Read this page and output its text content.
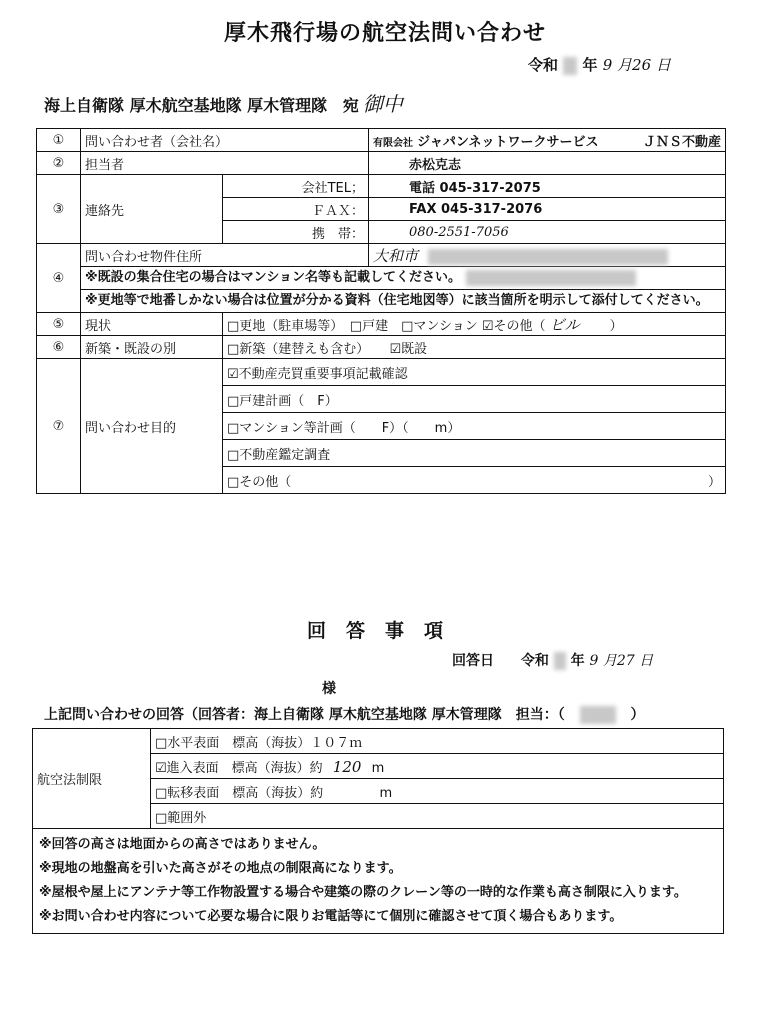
厚木飛行場の航空法問い合わせ
令和 年 9 月26 日
海上自衛隊 厚木航空基地隊 厚木管理隊 宛 御中
①	問い合わせ者（会社名）		有限会社 ジャパンネットワークサービス ＪＮＳ不動産

②	担当者		赤松克志
③	連絡先	会社TEL；	電話 045-317-2075
		ＦＡＸ：	FAX 045-317-2076
		携　帯：	080-2551-7056
④	問い合わせ物件住所		大和市
	※既設の集合住宅の場合はマンション名等も記載してください。		
	※更地等で地番しかない場合は位置が分かる資料（住宅地図等）に該当箇所を明示して添付してください。		
⑤	現状	□更地（駐車場等）　□戸建　□マンション ☑その他（ ビル ）	
⑥	新築・既設の別	□新築（建替えも含む） ☑既設	
⑦	問い合わせ目的	☑不動産売買重要事項記載確認	
		□戸建計画（　F）	
		□マンション等計画（　　F）（　　m）	
		□不動産鑑定調査	

		□その他（ ）	
回答事項
回答日 令和 年 9 月27 日
様
上記問い合わせの回答（回答者：海上自衛隊 厚木航空基地隊 厚木管理隊　担当：（	）
航空法制限	□水平表面　標高（海抜）１０７ｍ
☑進入表面　標高（海抜）約 120 m
□転移表面　標高（海抜）約	m
□範囲外

※回答の高さは地面からの高さではありません。
※現地の地盤高を引いた高さがその地点の制限高になります。
※屋根や屋上にアンテナ等工作物設置する場合や建築の際のクレーン等の一時的な作業も高さ制限に入ります。
※お問い合わせ内容について必要な場合に限りお電話等にて個別に確認させて頂く場合もあります。
